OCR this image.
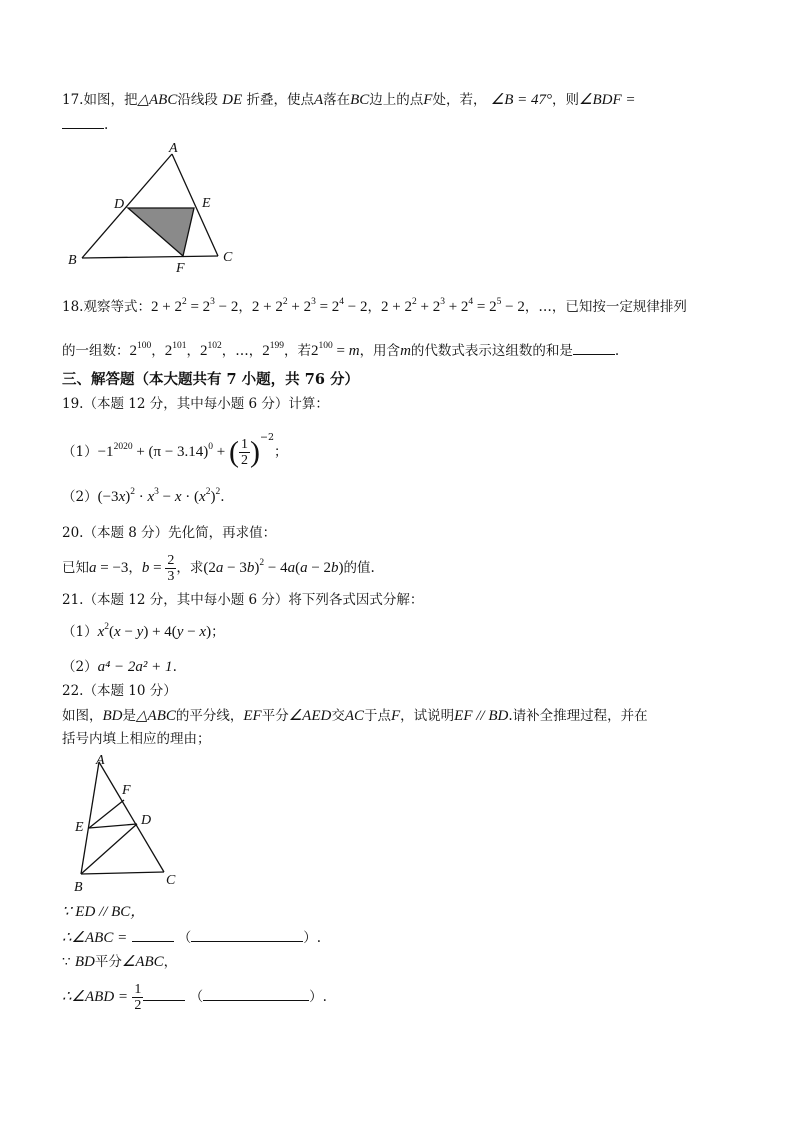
17.如图，把△ABC沿线段 DE 折叠，使点A落在BC边上的点F处，若， ∠B = 47°，则∠BDF =
.
A
B	C
D	E
F
18.观察等式：$2 + 2^2 = 2^3 - 2$，$2 + 2^2 + 2^3 = 2^4 - 2$，$2 + 2^2 + 2^3 + 2^4 = 2^5 - 2$，…，已知按一定规律排列
的一组数：$2^{100}$，$2^{101}$，$2^{102}$，…，$2^{199}$，若$2^{100} = m$，用含m的代数式表示这组数的和是	.
三、解答题（本大题共有 7 小题，共 76 分）
19.（本题 12 分，其中每小题 6 分）计算：
$(1)-1^{2020} + (\pi - 3.14)^0$ + ( $\frac{1}{2} )^{-2}$；
$(2)(-3x)^2 \cdot x^3 - x \cdot (x^2)^2$.
20.（本题 8 分）先化简，再求值：
已知a = −3，$b = \frac{2}{3}$ ，求$(2a - 3b)^2 - 4a(a - 2b)$的值.
21.（本题 12 分，其中每小题 6 分）将下列各式因式分解：
$(1)x^2(x - y) + 4(y - x)$；
（2）a⁴ − 2a² + 1.
22.（本题 10 分）
如图，BD是△ABC的平分线，EF平分∠AED交AC于点F，试说明EF // BD.请补全推理过程，并在
括号内填上相应的理由；
A
B	C
D
E
F
∵ ED // BC，
∴∠ABC =	（	）.
∵ BD平分∠ABC，
∴∠ABD = $\frac{1}{2}$	（	）.
